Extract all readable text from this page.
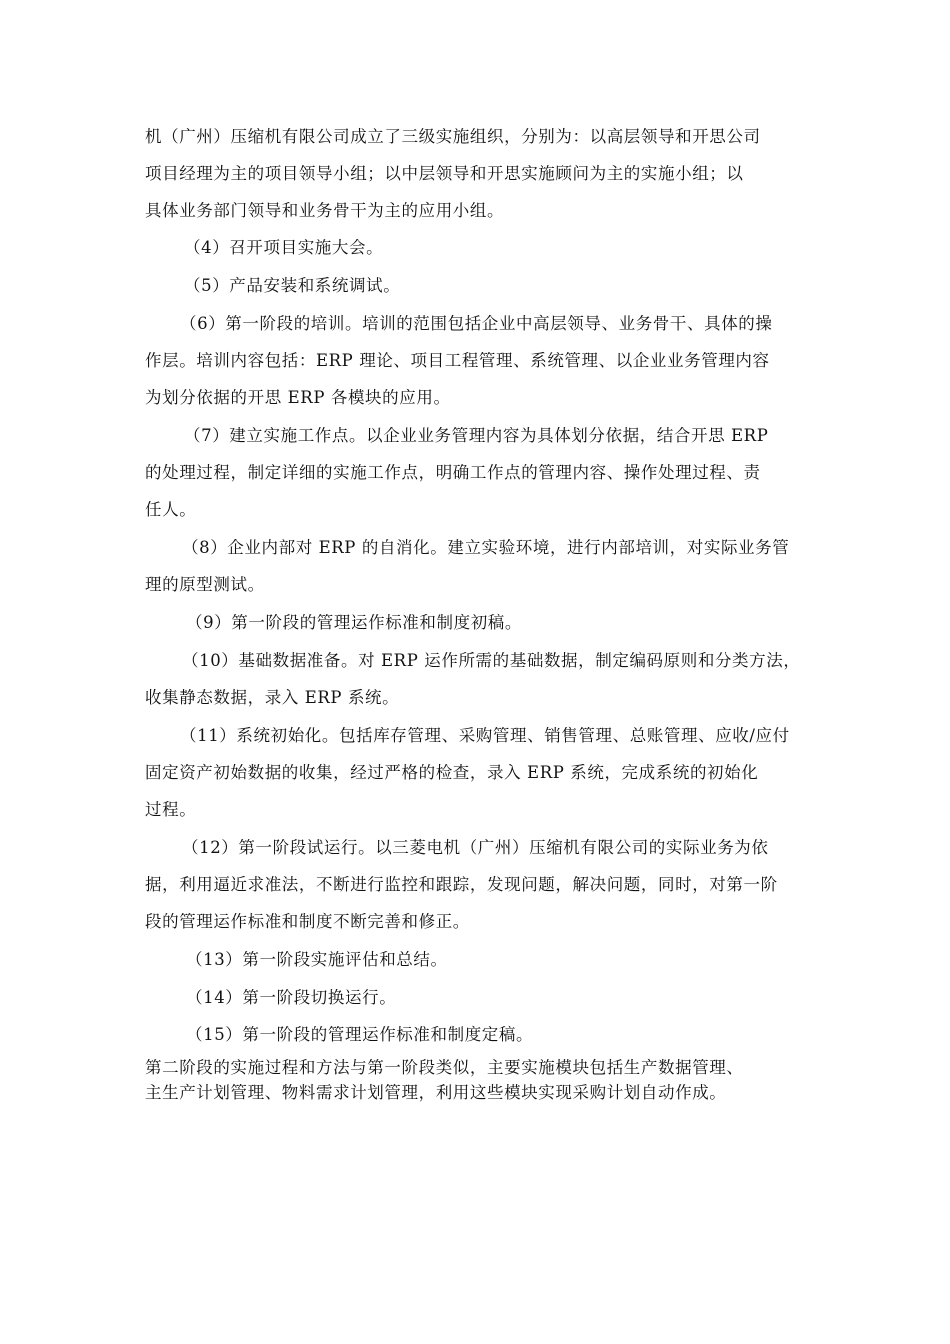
机（广州）压缩机有限公司成立了三级实施组织，分别为：以高层领导和开思公司
项目经理为主的项目领导小组；以中层领导和开思实施顾问为主的实施小组；以
具体业务部门领导和业务骨干为主的应用小组。
（4）召开项目实施大会。
（5）产品安装和系统调试。
（6）第一阶段的培训。培训的范围包括企业中高层领导、业务骨干、具体的操
作层。培训内容包括：ERP 理论、项目工程管理、系统管理、以企业业务管理内容
为划分依据的开思 ERP 各模块的应用。
（7）建立实施工作点。以企业业务管理内容为具体划分依据，结合开思 ERP
的处理过程，制定详细的实施工作点，明确工作点的管理内容、操作处理过程、责
任人。
（8）企业内部对 ERP 的自消化。建立实验环境，进行内部培训，对实际业务管
理的原型测试。
（9）第一阶段的管理运作标准和制度初稿。
（10）基础数据准备。对 ERP 运作所需的基础数据，制定编码原则和分类方法，
收集静态数据，录入 ERP 系统。
（11）系统初始化。包括库存管理、采购管理、销售管理、总账管理、应收/应付
固定资产初始数据的收集，经过严格的检查，录入 ERP 系统，完成系统的初始化
过程。
（12）第一阶段试运行。以三菱电机（广州）压缩机有限公司的实际业务为依
据，利用逼近求准法，不断进行监控和跟踪，发现问题，解决问题，同时，对第一阶
段的管理运作标准和制度不断完善和修正。
（13）第一阶段实施评估和总结。
（14）第一阶段切换运行。
（15）第一阶段的管理运作标准和制度定稿。
第二阶段的实施过程和方法与第一阶段类似，主要实施模块包括生产数据管理、
主生产计划管理、物料需求计划管理，利用这些模块实现采购计划自动作成。
